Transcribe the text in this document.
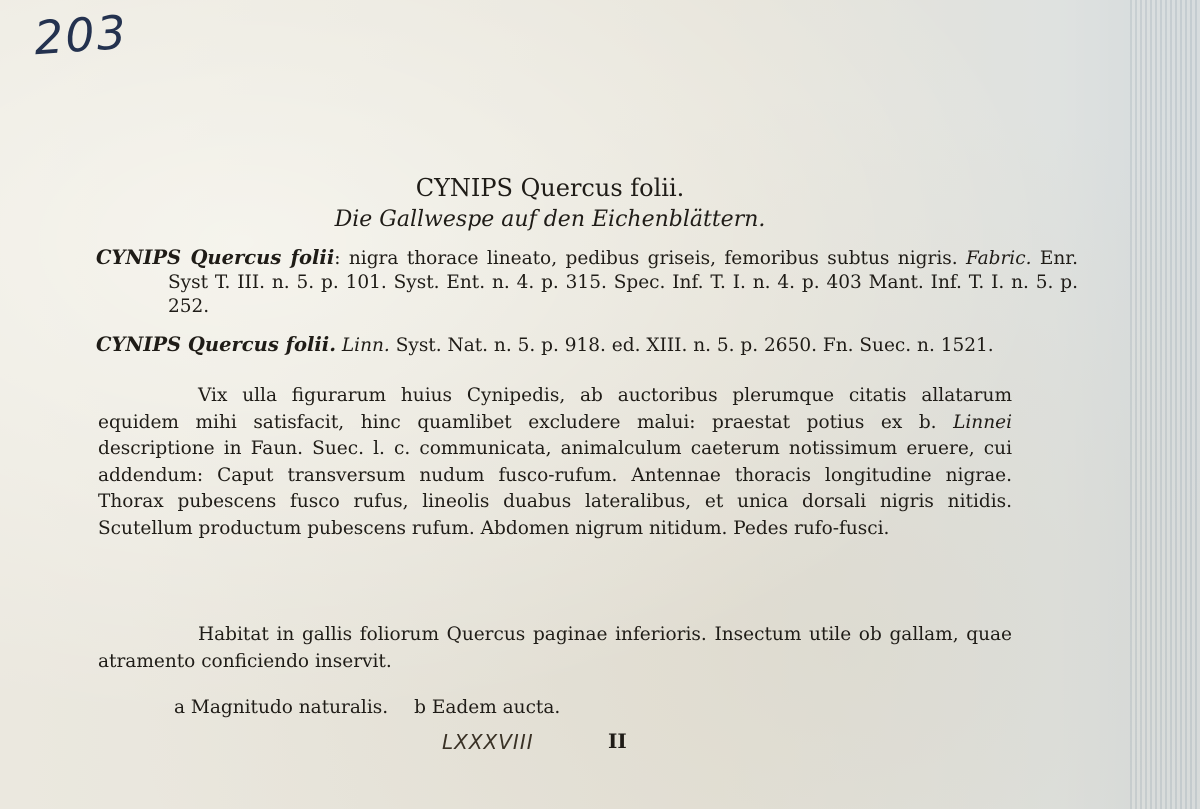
203
CYNIPS Quercus folii.
Die Gallwespe auf den Eichenblättern.
CYNIPS Quercus folii: nigra thorace lineato, pedibus griseis, femoribus subtus nigris. Fabric. Enr. Syst T. III. n. 5. p. 101. Syst. Ent. n. 4. p. 315. Spec. Inf. T. I. n. 4. p. 403 Mant. Inf. T. I. n. 5. p. 252.
CYNIPS Quercus folii. Linn. Syst. Nat. n. 5. p. 918. ed. XIII. n. 5. p. 2650. Fn. Suec. n. 1521.
Vix ulla figurarum huius Cynipedis, ab auctoribus plerumque citatis allatarum equidem mihi satisfacit, hinc quamlibet excludere malui: praestat potius ex b. Linnei descriptione in Faun. Suec. l. c. communicata, animalculum caeterum notissimum eruere, cui addendum: Caput transversum nudum fusco-rufum. Antennae thoracis longitudine nigrae. Thorax pubescens fusco rufus, lineolis duabus lateralibus, et unica dorsali nigris nitidis. Scutellum productum pubescens rufum. Abdomen nigrum nitidum. Pedes rufo-fusci.
Habitat in gallis foliorum Quercus paginae inferioris. Insectum utile ob gallam, quae atramento conficiendo inservit.
a Magnitudo naturalis. b Eadem aucta.
LXXXVIII	II
